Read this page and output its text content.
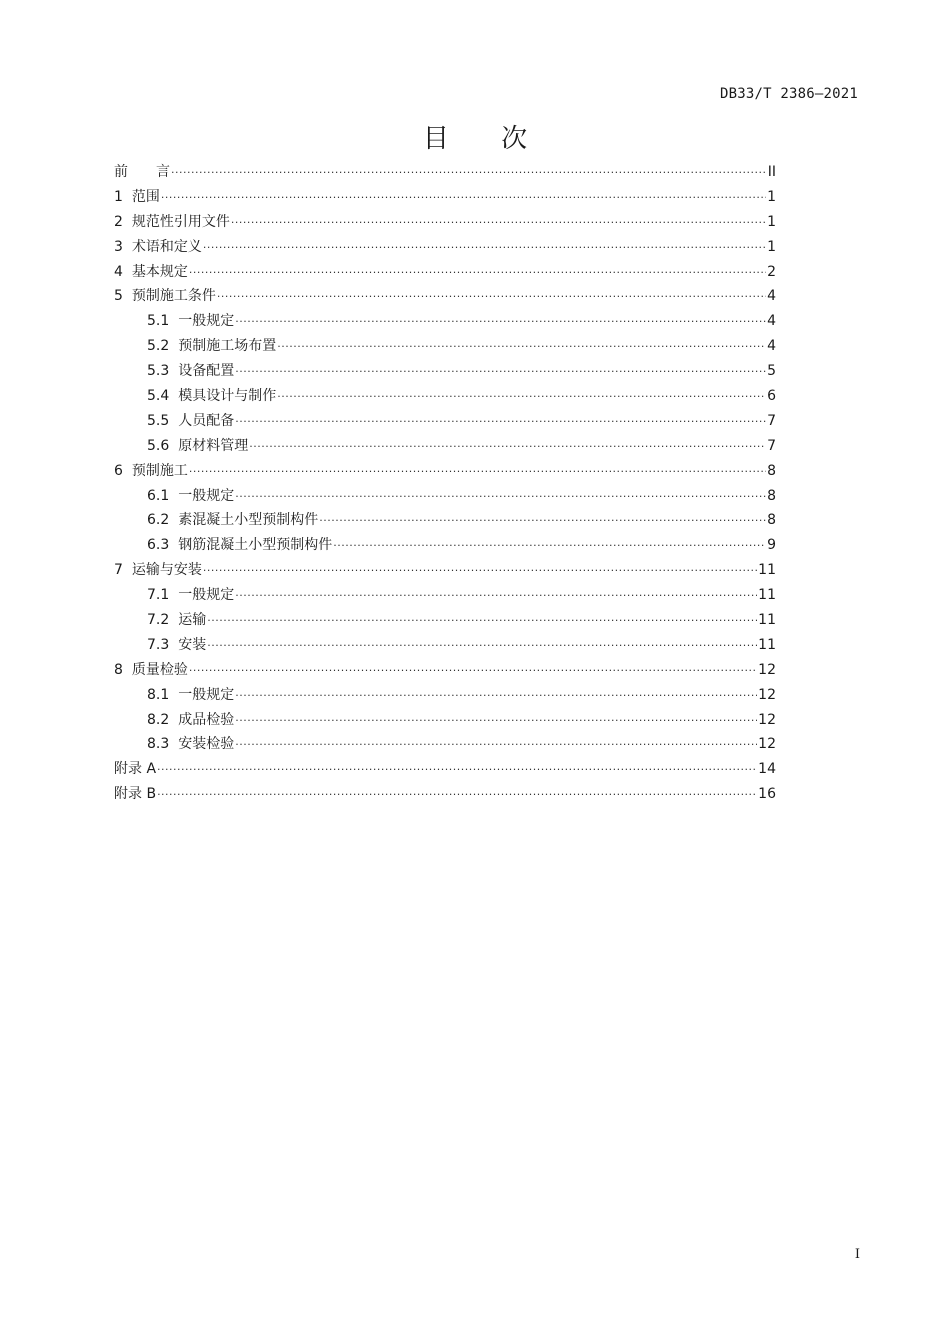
DB33/T 2386—2021
目 次
前　　言 .....	II
1 范围 .....	1
2 规范性引用文件 .....	1
3 术语和定义 .....	1
4 基本规定 .....	2
5 预制施工条件 .....	4
5.1 一般规定 .....	4
5.2 预制施工场布置 .....	4
5.3 设备配置 .....	5
5.4 模具设计与制作 .....	6
5.5 人员配备 .....	7
5.6 原材料管理 .....	7
6 预制施工 .....	8
6.1 一般规定 .....	8
6.2 素混凝土小型预制构件 .....	8
6.3 钢筋混凝土小型预制构件 .....	9
7 运输与安装 .....	11
7.1 一般规定 .....	11
7.2 运输 .....	11
7.3 安装 .....	11
8 质量检验 .....	12
8.1 一般规定 .....	12
8.2 成品检验 .....	12
8.3 安装检验 .....	12
附录 A .....	14
附录 B .....	16
I
